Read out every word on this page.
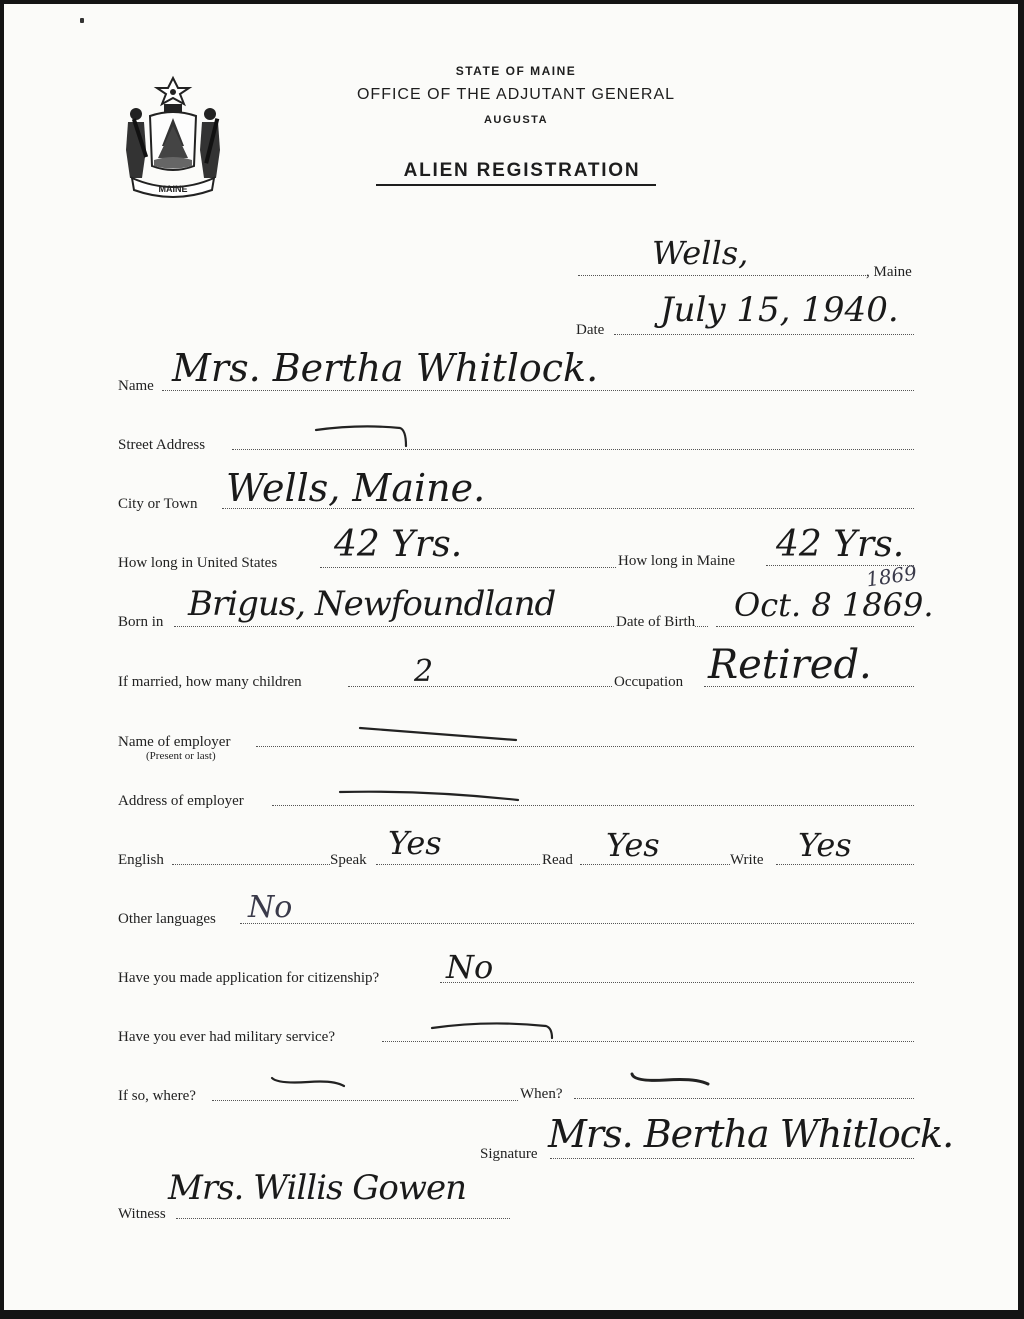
MAINE
STATE OF MAINE
OFFICE OF THE ADJUTANT GENERAL
AUGUSTA
ALIEN REGISTRATION
Wells,	, Maine
Date July 15, 1940.
Name Mrs. Bertha Whitlock.
Street Address
City or Town Wells, Maine.
How long in United States 42 Yrs.	How long in Maine 42 Yrs.
Born in Brigus, Newfoundland	Date of Birth Oct. 8 1869.
1869
If married, how many children	2	Occupation Retired.
Name of employer
(Present or last)
Address of employer
English	Speak Yes	Read Yes	Write Yes
Other languages No
Have you made application for citizenship? No
Have you ever had military service?
If so, where?	When?
Signature Mrs. Bertha Whitlock.
Witness
Mrs. Willis Gowen
